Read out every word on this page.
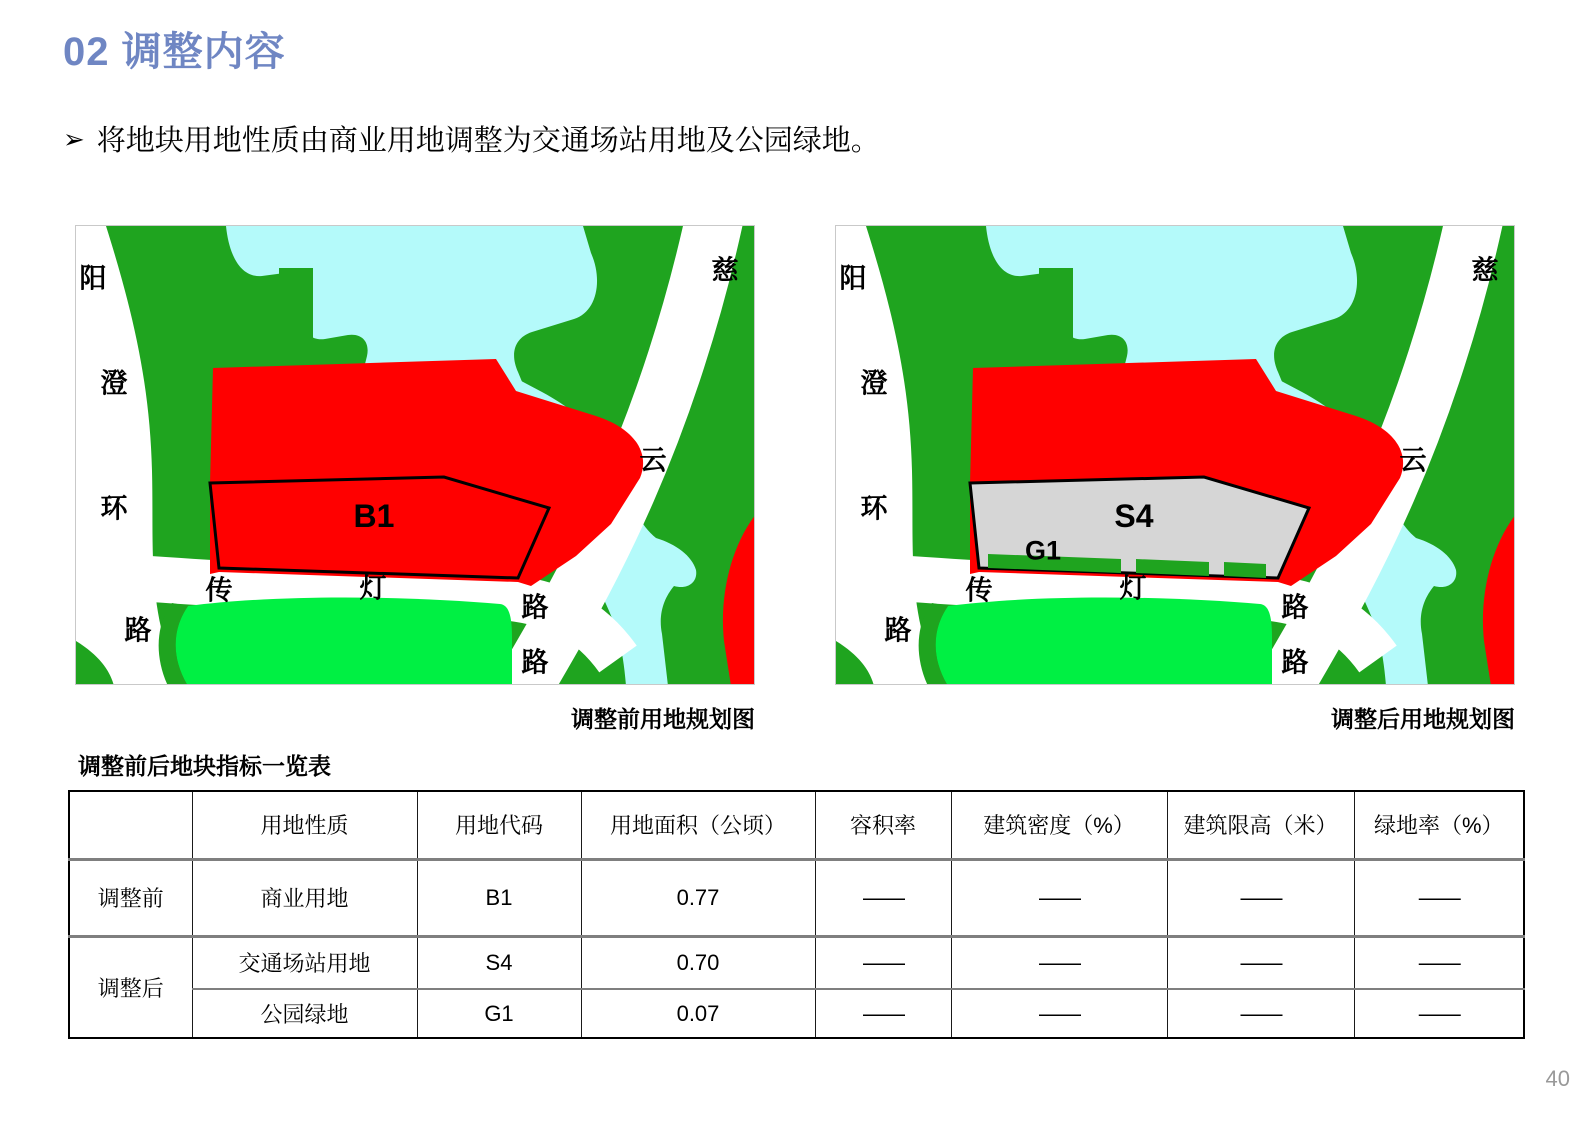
02 调整内容
➢ 将地块用地性质由商业用地调整为交通场站用地及公园绿地。
阳
澄
环
路
传	灯
路
慈
云
路
B1
阳
澄
环
路
传	灯
路
慈
云
路
S4
G1
调整前用地规划图	调整后用地规划图
调整前后地块指标一览表
	用地性质	用地代码	用地面积（公顷）	容积率	建筑密度（%）	建筑限高（米）	绿地率（%）
调整前	商业用地	B1	0.77	——	——	——	——
调整后	交通场站用地	S4	0.70	——	——	——	——
	公园绿地	G1	0.07	——	——	——	——
40
